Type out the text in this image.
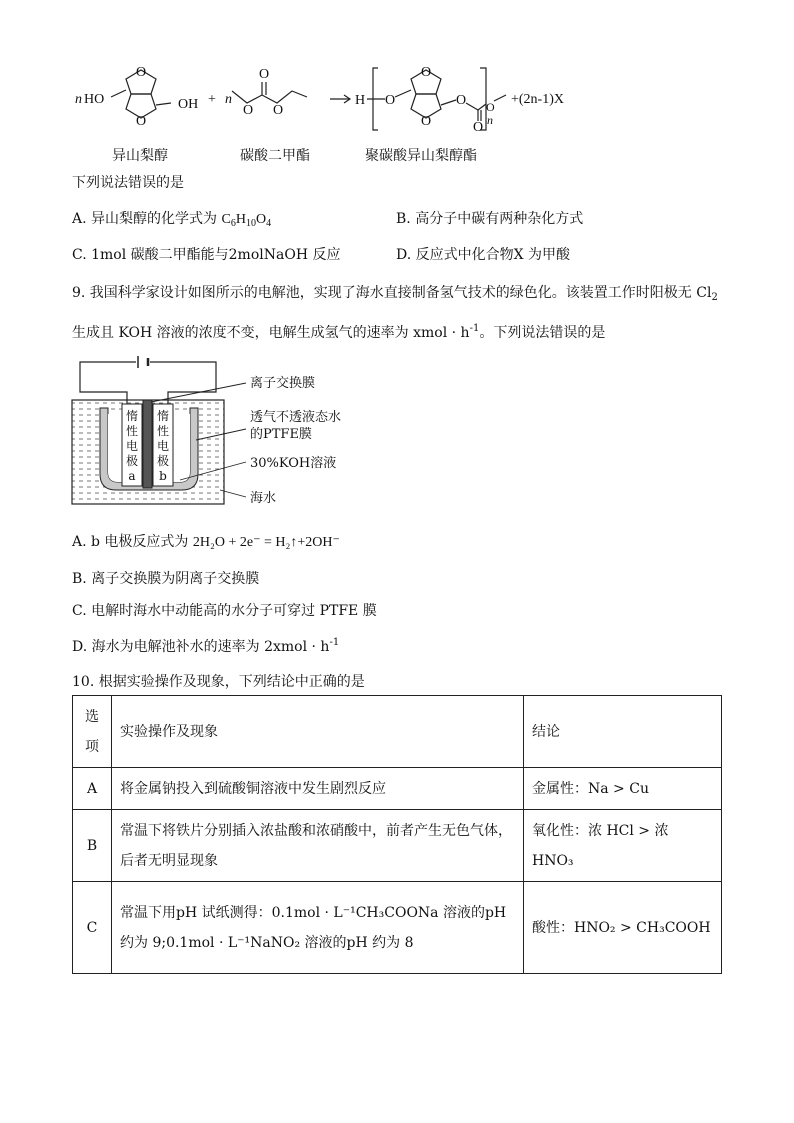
n HO
O
O
OH + n
O
O O
H O
O
O
O
O
O
n
+(2n-1)X
异山梨醇	碳酸二甲酯	聚碳酸异山梨醇酯
下列说法错误的是
A. 异山梨醇的化学式为 $C_6H_{10}O_4$	B. 高分子中碳有两种杂化方式
C. 1mol 碳酸二甲酯能与2molNaOH 反应	D. 反应式中化合物X 为甲酸
9. 我国科学家设计如图所示的电解池，实现了海水直接制备氢气技术的绿色化。该装置工作时阳极无 $Cl_2$
生成且 KOH 溶液的浓度不变，电解生成氢气的速率为 xmol · $h^{-1}$。下列说法错误的是
惰
性
电
极
a
惰
性
电
极
b
离子交换膜
透气不透液态水
的PTFE膜
30%KOH溶液
海水
A. b 电极反应式为 2H₂O + 2e⁻ = H₂↑+2OH⁻
B. 离子交换膜为阴离子交换膜
C. 电解时海水中动能高的水分子可穿过 PTFE 膜
D. 海水为电解池补水的速率为 2xmol · $h^{-1}$
10. 根据实验操作及现象，下列结论中正确的是
选项	实验操作及现象	结论
A	将金属钠投入到硫酸铜溶液中发生剧烈反应	金属性：Na > Cu
B	常温下将铁片分别插入浓盐酸和浓硝酸中，前者产生无色气体，后者无明显现象	氧化性：浓 HCl > 浓 HNO₃
C	常温下用pH 试纸测得：0.1mol · L⁻¹CH₃COONa 溶液的pH 约为 9;0.1mol · L⁻¹NaNO₂ 溶液的pH 约为 8	酸性：HNO₂ > CH₃COOH
